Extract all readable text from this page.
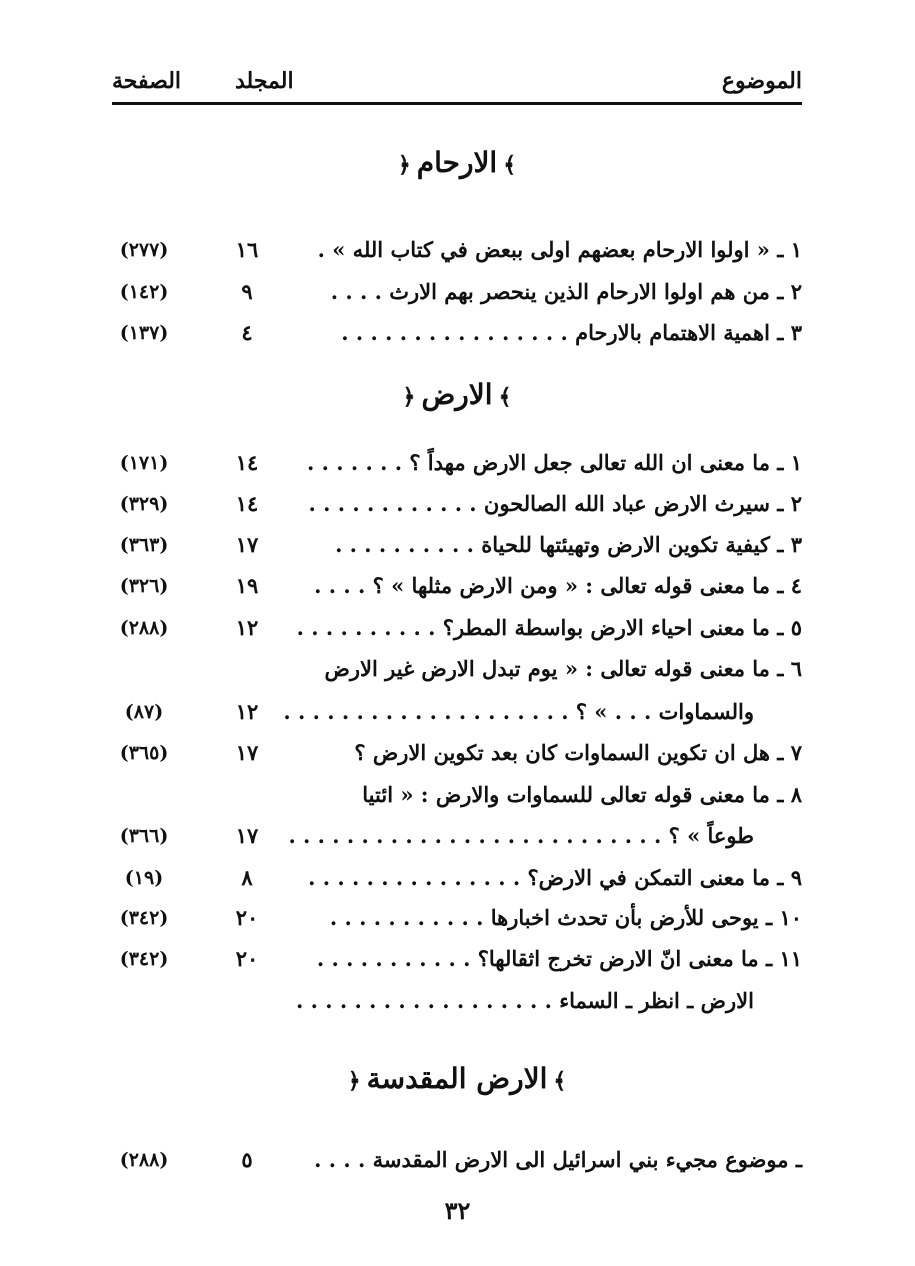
الموضوع
المجلد
الصفحة
﴾الارحام﴿
١ ـ « اولوا الارحام بعضهم اولى ببعض في كتاب الله » .
١٦
(٢٧٧)
٢ ـ من هم اولوا الارحام الذين ينحصر بهم الارث . . . .
٩
(١٤٢)
٣ ـ اهمية الاهتمام بالارحام . . . . . . . . . . . . . . . .
٤
(١٣٧)
﴾الارض﴿
١ ـ ما معنى ان الله تعالى جعل الارض مهداً ؟ . . . . . . .
١٤
(١٧١)
٢ ـ سيرث الارض عباد الله الصالحون . . . . . . . . . . . .
١٤
(٣٢٩)
٣ ـ كيفية تكوين الارض وتهيئتها للحياة . . . . . . . . . .
١٧
(٣٦٣)
٤ ـ ما معنى قوله تعالى : « ومن الارض مثلها » ؟ . . . .
١٩
(٣٢٦)
٥ ـ ما معنى احياء الارض بواسطة المطر؟ . . . . . . . . . .
١٢
(٢٨٨)
٦ ـ ما معنى قوله تعالى : « يوم تبدل الارض غير الارض
والسماوات . . . » ؟ . . . . . . . . . . . . . . . . . . . .
١٢
(٨٧)
٧ ـ هل ان تكوين السماوات كان بعد تكوين الارض ؟
١٧
(٣٦٥)
٨ ـ ما معنى قوله تعالى للسماوات والارض : « ائتيا
طوعاً » ؟ . . . . . . . . . . . . . . . . . . . . . . . . . .
١٧
(٣٦٦)
٩ ـ ما معنى التمكن في الارض؟ . . . . . . . . . . . . . . .
٨
(١٩)
١٠ ـ يوحى للأرض بأن تحدث اخبارها . . . . . . . . . . .
٢٠
(٣٤٢)
١١ ـ ما معنى انّ الارض تخرج اثقالها؟ . . . . . . . . . . .
٢٠
(٣٤٢)
الارض ـ انظر ـ السماء . . . . . . . . . . . . . . . . . .
﴾الارض المقدسة﴿
ـ موضوع مجيء بني اسرائيل الى الارض المقدسة . . . .
٥
(٢٨٨)
٣٢
